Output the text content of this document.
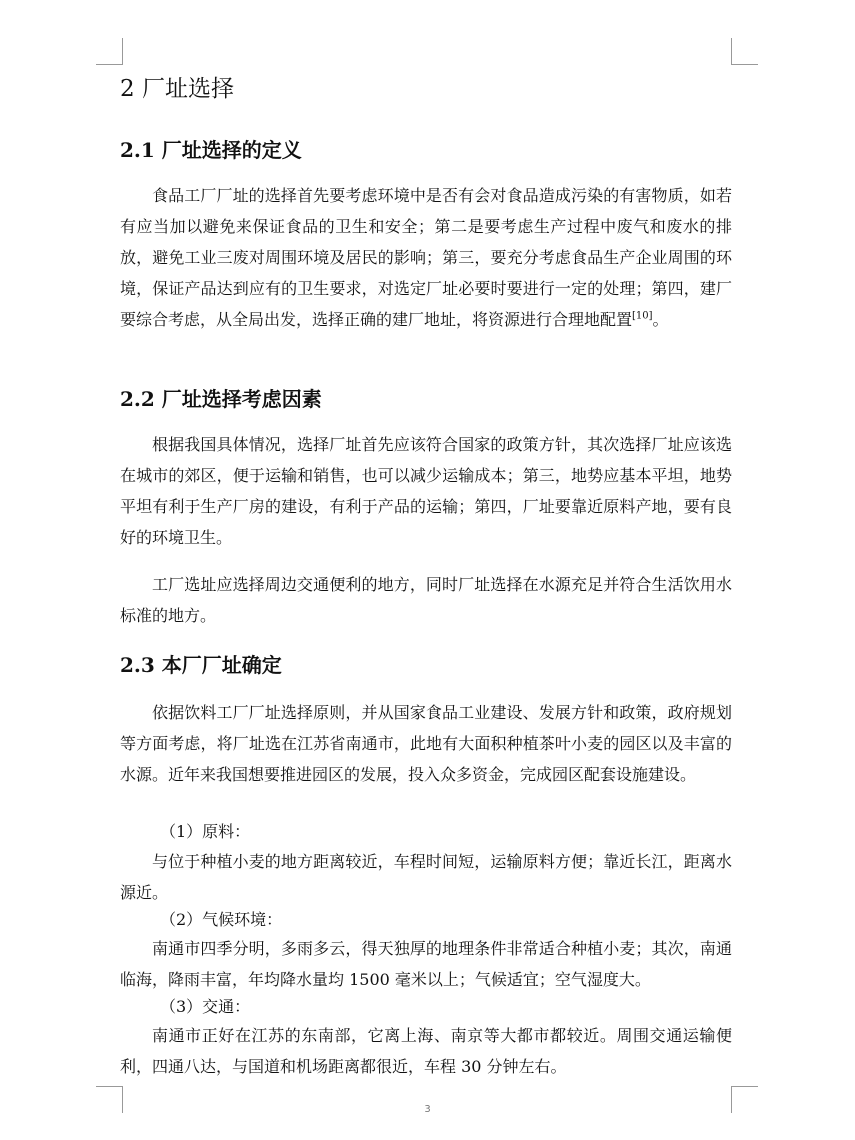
2 厂址选择
2.1 厂址选择的定义

食品工厂厂址的选择首先要考虑环境中是否有会对食品造成污染的有害物质，如若有应当加以避免来保证食品的卫生和安全；第二是要考虑生产过程中废气和废水的排放，避免工业三废对周围环境及居民的影响；第三，要充分考虑食品生产企业周围的环境，保证产品达到应有的卫生要求，对选定厂址必要时要进行一定的处理；第四，建厂要综合考虑，从全局出发，选择正确的建厂地址，将资源进行合理地配置[10]。

2.2 厂址选择考虑因素

根据我国具体情况，选择厂址首先应该符合国家的政策方针，其次选择厂址应该选在城市的郊区，便于运输和销售，也可以减少运输成本；第三，地势应基本平坦，地势平坦有利于生产厂房的建设，有利于产品的运输；第四，厂址要靠近原料产地，要有良好的环境卫生。

工厂选址应选择周边交通便利的地方，同时厂址选择在水源充足并符合生活饮用水标准的地方。

2.3 本厂厂址确定

依据饮料工厂厂址选择原则，并从国家食品工业建设、发展方针和政策，政府规划等方面考虑，将厂址选在江苏省南通市，此地有大面积种植茶叶小麦的园区以及丰富的水源。近年来我国想要推进园区的发展，投入众多资金，完成园区配套设施建设。

（1）原料：

与位于种植小麦的地方距离较近，车程时间短，运输原料方便；靠近长江，距离水源近。

（2）气候环境：

南通市四季分明，多雨多云，得天独厚的地理条件非常适合种植小麦；其次，南通临海，降雨丰富，年均降水量均 1500 毫米以上；气候适宜；空气湿度大。

（3）交通：

南通市正好在江苏的东南部，它离上海、南京等大都市都较近。周围交通运输便利，四通八达，与国道和机场距离都很近，车程 30 分钟左右。

3
